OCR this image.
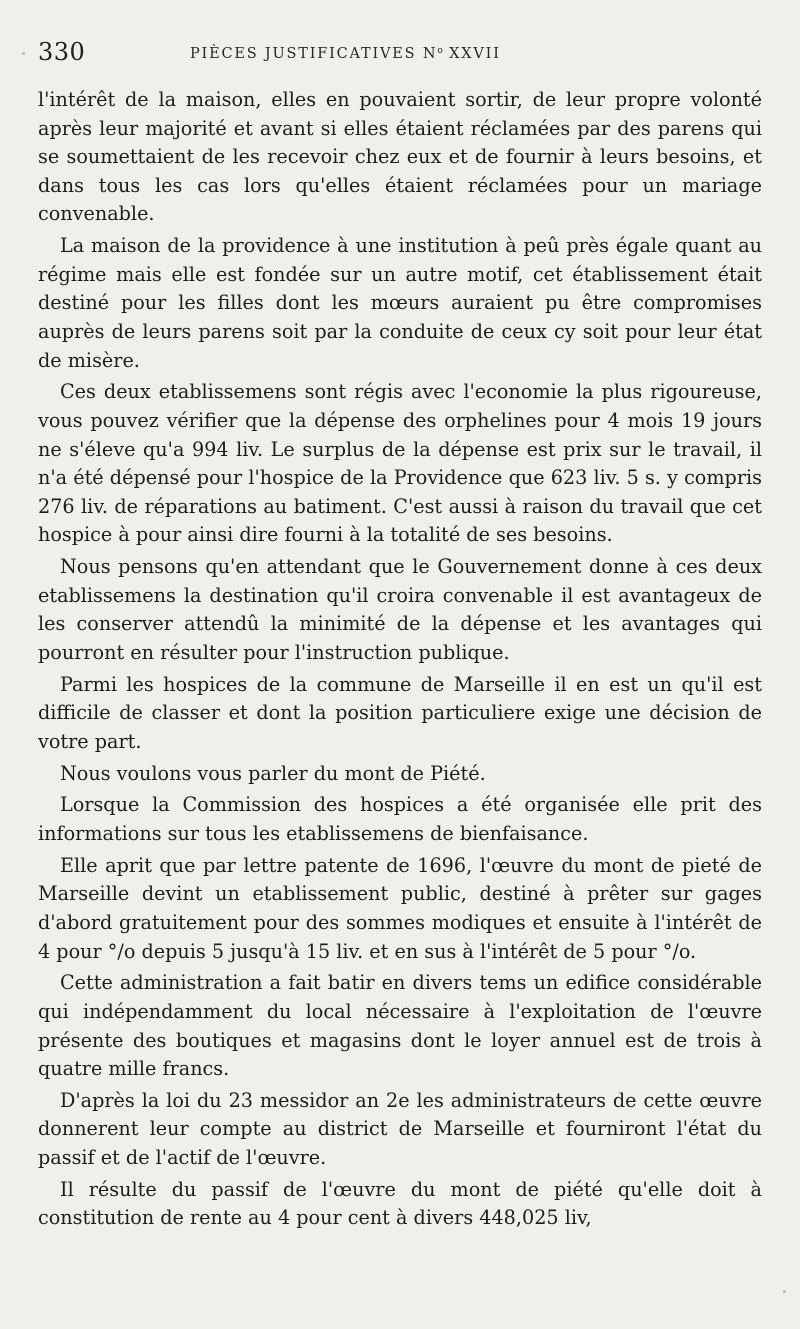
330	PIÈCES JUSTIFICATIVES $N^o$ XXVII

l'intérêt de la maison, elles en pouvaient sortir, de leur propre volonté après leur majorité et avant si elles étaient réclamées par des parens qui se soumettaient de les recevoir chez eux et de fournir à leurs besoins, et dans tous les cas lors qu'elles étaient réclamées pour un mariage convenable.

La maison de la providence à une institution à peû près égale quant au régime mais elle est fondée sur un autre motif, cet établissement était destiné pour les filles dont les mœurs auraient pu être compromises auprès de leurs parens soit par la conduite de ceux cy soit pour leur état de misère.

Ces deux etablissemens sont régis avec l'economie la plus rigoureuse, vous pouvez vérifier que la dépense des orphelines pour 4 mois 19 jours ne s'éleve qu'a 994 liv. Le surplus de la dépense est prix sur le travail, il n'a été dépensé pour l'hospice de la Providence que 623 liv. 5 s. y compris 276 liv. de réparations au batiment. C'est aussi à raison du travail que cet hospice à pour ainsi dire fourni à la totalité de ses besoins.

Nous pensons qu'en attendant que le Gouvernement donne à ces deux etablissemens la destination qu'il croira convenable il est avantageux de les conserver attendû la minimité de la dépense et les avantages qui pourront en résulter pour l'instruction publique.

Parmi les hospices de la commune de Marseille il en est un qu'il est difficile de classer et dont la position particuliere exige une décision de votre part.

Nous voulons vous parler du mont de Piété.

Lorsque la Commission des hospices a été organisée elle prit des informations sur tous les etablissemens de bienfaisance.

Elle aprit que par lettre patente de 1696, l'œuvre du mont de pieté de Marseille devint un etablissement public, destiné à prêter sur gages d'abord gratuitement pour des sommes modiques et ensuite à l'intérêt de 4 pour °/o depuis 5 jusqu'à 15 liv. et en sus à l'intérêt de 5 pour °/o.

Cette administration a fait batir en divers tems un edifice considérable qui indépendamment du local nécessaire à l'exploitation de l'œuvre présente des boutiques et magasins dont le loyer annuel est de trois à quatre mille francs.

D'après la loi du 23 messidor an 2e les administrateurs de cette œuvre donnerent leur compte au district de Marseille et fourniront l'état du passif et de l'actif de l'œuvre.

Il résulte du passif de l'œuvre du mont de piété qu'elle doit à constitution de rente au 4 pour cent à divers 448,025 liv,
